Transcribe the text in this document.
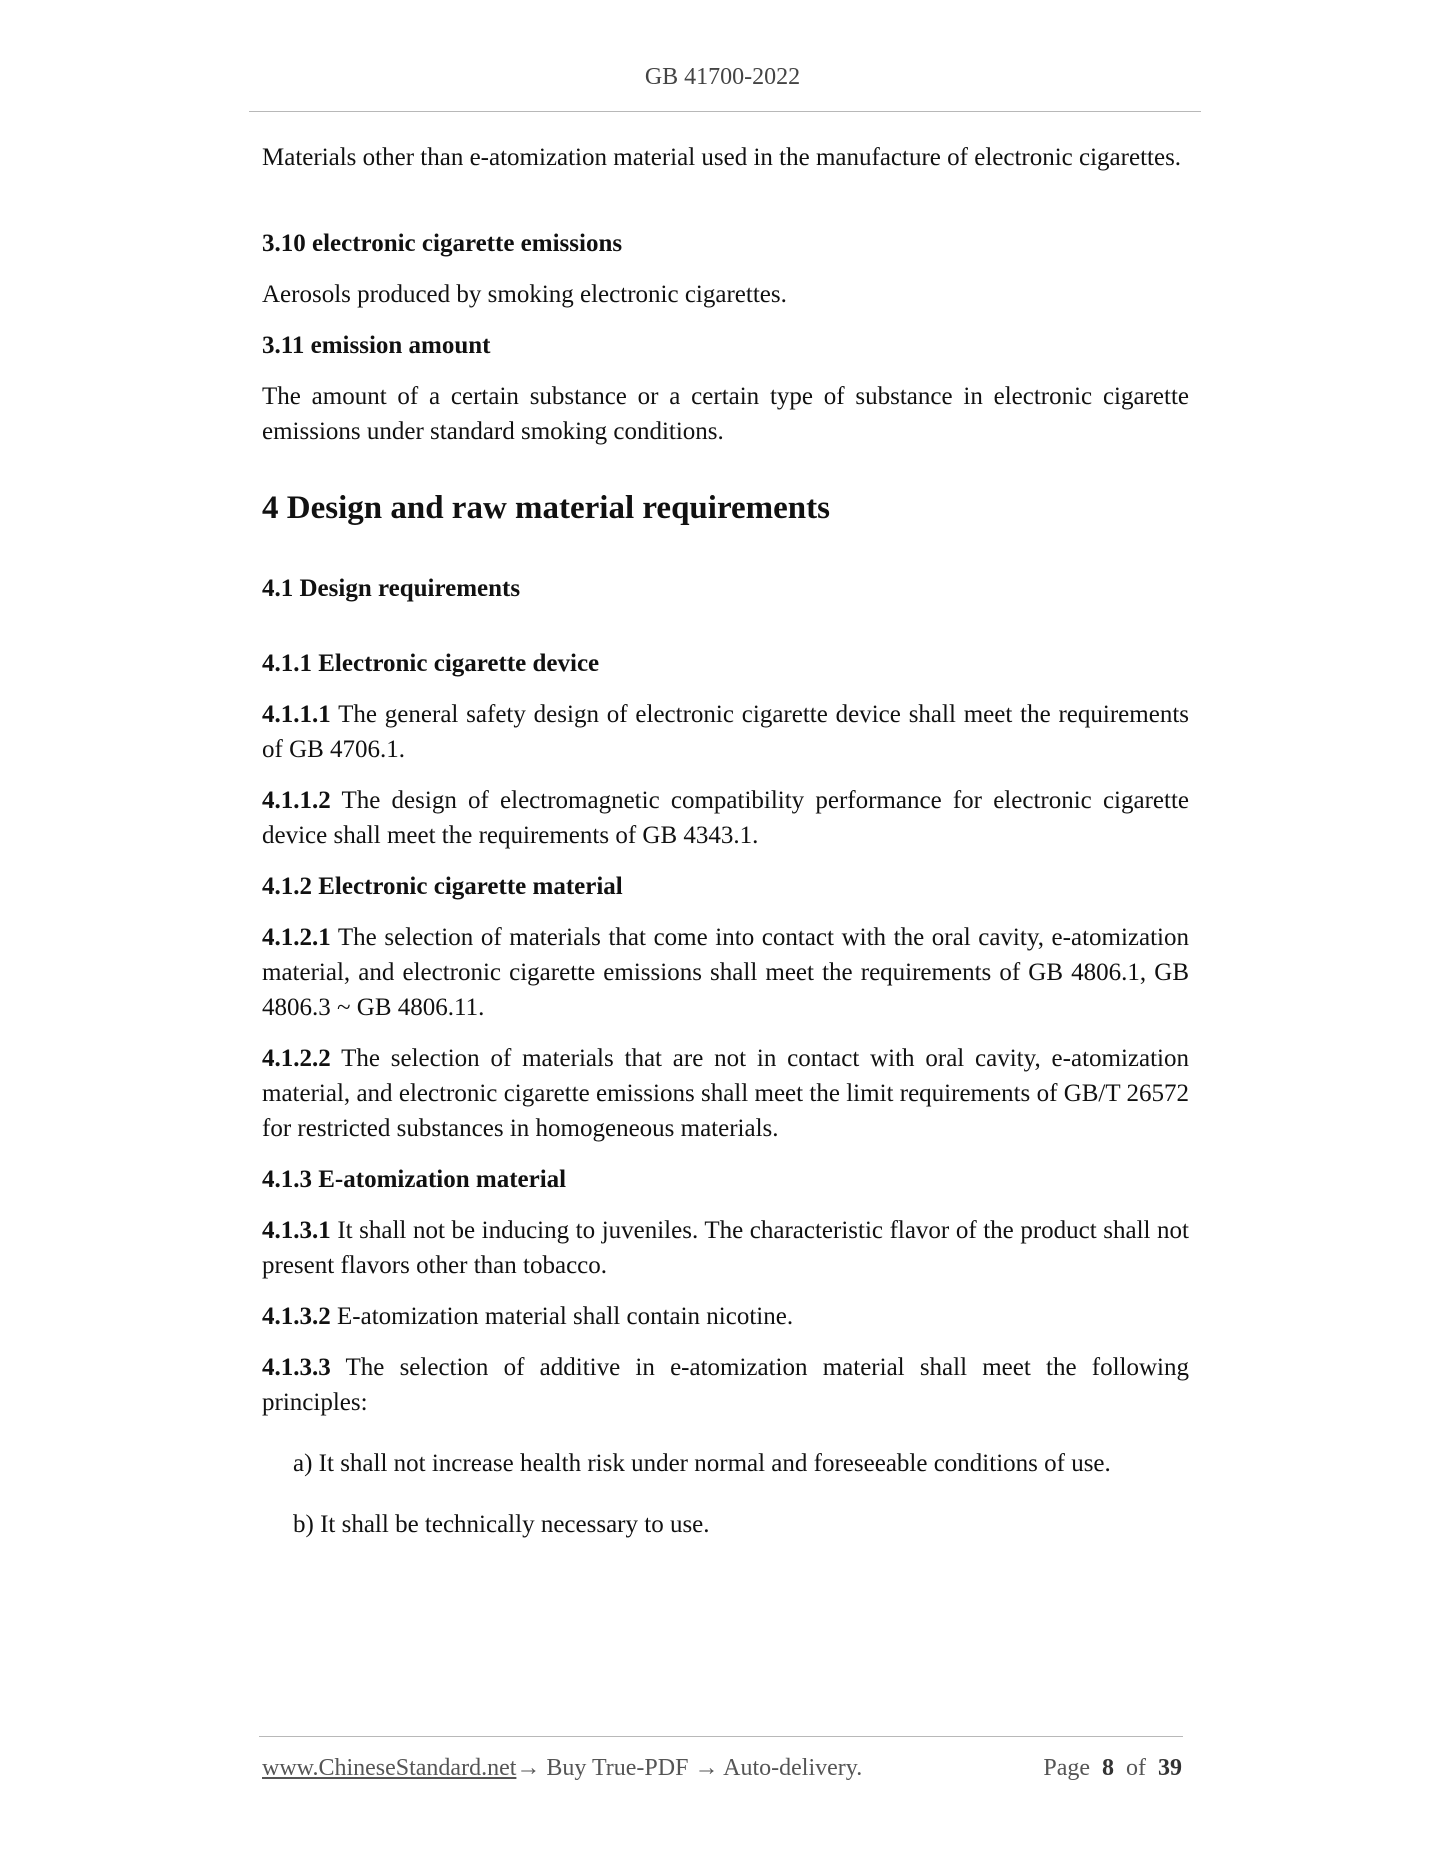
GB 41700-2022

Materials other than e-atomization material used in the manufacture of electronic cigarettes.

3.10 electronic cigarette emissions

Aerosols produced by smoking electronic cigarettes.

3.11 emission amount

The amount of a certain substance or a certain type of substance in electronic cigarette emissions under standard smoking conditions.

4 Design and raw material requirements

4.1 Design requirements

4.1.1 Electronic cigarette device

4.1.1.1 The general safety design of electronic cigarette device shall meet the requirements of GB 4706.1.

4.1.1.2 The design of electromagnetic compatibility performance for electronic cigarette device shall meet the requirements of GB 4343.1.

4.1.2 Electronic cigarette material

4.1.2.1 The selection of materials that come into contact with the oral cavity, e-atomization material, and electronic cigarette emissions shall meet the requirements of GB 4806.1, GB 4806.3 ~ GB 4806.11.

4.1.2.2 The selection of materials that are not in contact with oral cavity, e-atomization material, and electronic cigarette emissions shall meet the limit requirements of GB/T 26572 for restricted substances in homogeneous materials.

4.1.3 E-atomization material

4.1.3.1 It shall not be inducing to juveniles. The characteristic flavor of the product shall not present flavors other than tobacco.

4.1.3.2 E-atomization material shall contain nicotine.

4.1.3.3 The selection of additive in e-atomization material shall meet the following principles:

a) It shall not increase health risk under normal and foreseeable conditions of use.

b) It shall be technically necessary to use.

www.ChineseStandard.net→ Buy True-PDF → Auto-delivery.	Page 8 of 39
